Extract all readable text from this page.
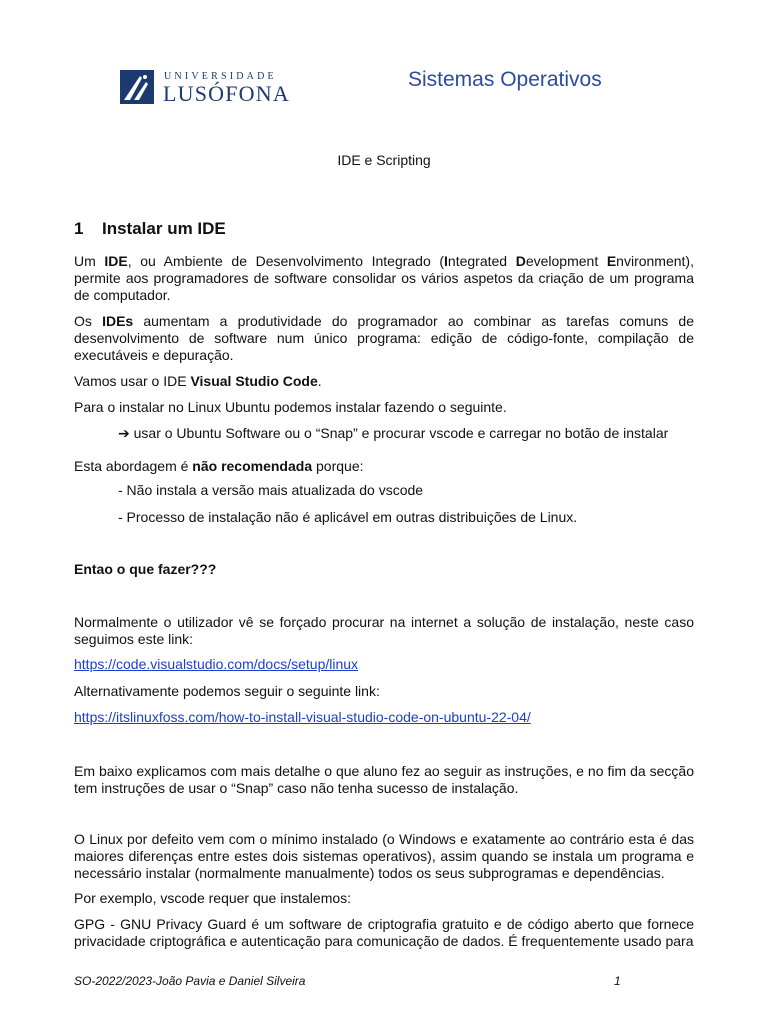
UNIVERSIDADE
LUSÓFONA
Sistemas Operativos
IDE e Scripting
1 Instalar um IDE
Um IDE, ou Ambiente de Desenvolvimento Integrado (Integrated Development Environment), permite aos programadores de software consolidar os vários aspetos da criação de um programa de computador.
Os IDEs aumentam a produtividade do programador ao combinar as tarefas comuns de desenvolvimento de software num único programa: edição de código-fonte, compilação de executáveis e depuração.
Vamos usar o IDE Visual Studio Code.
Para o instalar no Linux Ubuntu podemos instalar fazendo o seguinte.
➔ usar o Ubuntu Software ou o “Snap” e procurar vscode e carregar no botão de instalar
Esta abordagem é não recomendada porque:
- Não instala a versão mais atualizada do vscode
- Processo de instalação não é aplicável em outras distribuições de Linux.
Entao o que fazer???
Normalmente o utilizador vê se forçado procurar na internet a solução de instalação, neste caso seguimos este link:
https://code.visualstudio.com/docs/setup/linux
Alternativamente podemos seguir o seguinte link:
https://itslinuxfoss.com/how-to-install-visual-studio-code-on-ubuntu-22-04/
Em baixo explicamos com mais detalhe o que aluno fez ao seguir as instruções, e no fim da secção tem instruções de usar o “Snap” caso não tenha sucesso de instalação.
O Linux por defeito vem com o mínimo instalado (o Windows e exatamente ao contrário esta é das maiores diferenças entre estes dois sistemas operativos), assim quando se instala um programa e necessário instalar (normalmente manualmente) todos os seus subprogramas e dependências.
Por exemplo, vscode requer que instalemos:
GPG - GNU Privacy Guard é um software de criptografia gratuito e de código aberto que fornece privacidade criptográfica e autenticação para comunicação de dados. É frequentemente usado para
SO-2022/2023-João Pavia e Daniel Silveira	1
